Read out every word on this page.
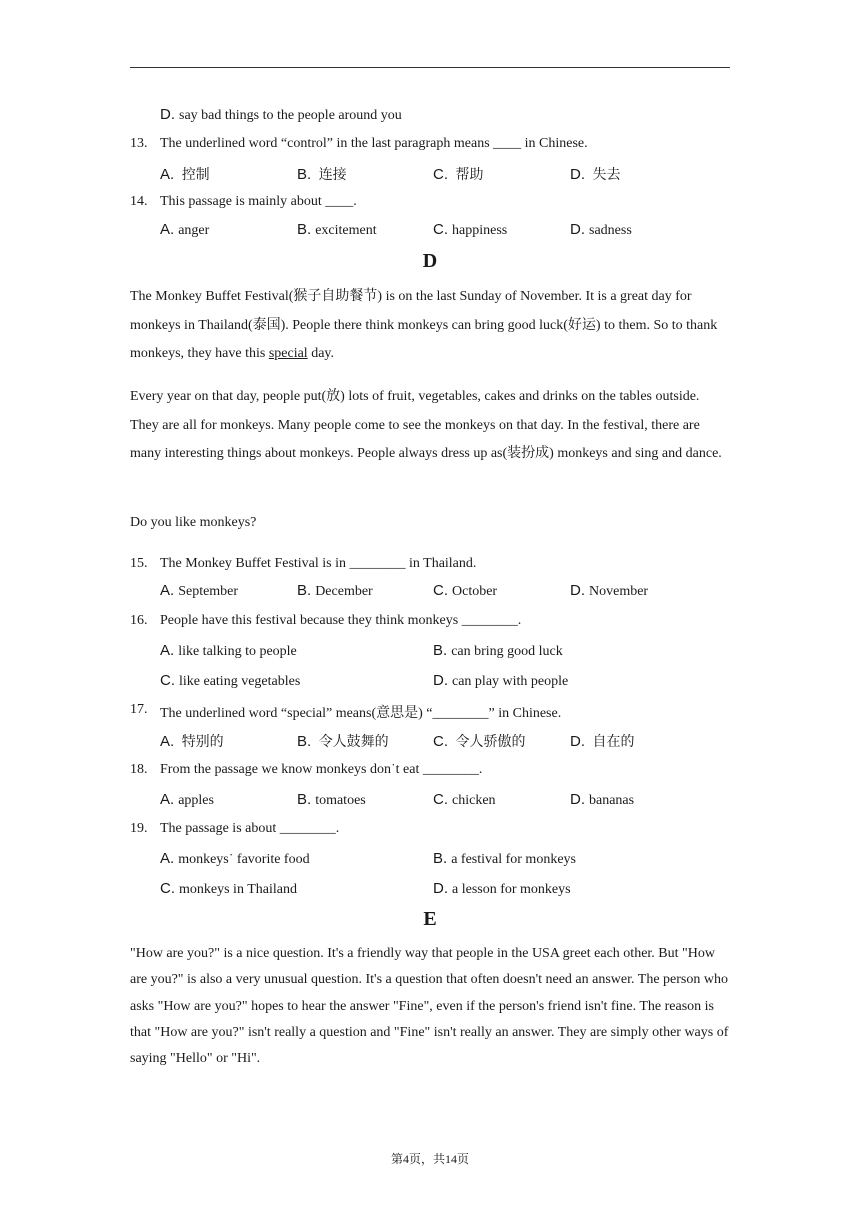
D. say bad things to the people around you
13. The underlined word “control” in the last paragraph means ____ in Chinese.
A. 控制	B. 连接	C. 帮助	D. 失去
14. This passage is mainly about ____.
A. anger	B. excitement	C. happiness	D. sadness
D

The Monkey Buffet Festival(猴子自助餐节) is on the last Sunday of November. It is a great day for monkeys in Thailand(泰国). People there think monkeys can bring good luck(好运) to them. So to thank monkeys, they have this special day.

Every year on that day, people put(放) lots of fruit, vegetables, cakes and drinks on the tables outside. They are all for monkeys. Many people come to see the monkeys on that day. In the festival, there are many interesting things about monkeys. People always dress up as(装扮成) monkeys and sing and dance.

Do you like monkeys?

15. The Monkey Buffet Festival is in ________ in Thailand.
A. September	B. December	C. October	D. November
16. People have this festival because they think monkeys ________.
A. like talking to people	B. can bring good luck
C. like eating vegetables	D. can play with people
17. The underlined word “special” means(意思是) “________” in Chinese.
A. 特别的	B. 令人鼓舞的	C. 令人骄傲的	D. 自在的
18. From the passage we know monkeys don˙t eat ________.
A. apples	B. tomatoes	C. chicken	D. bananas
19. The passage is about ________.
A. monkeys˙ favorite food	B. a festival for monkeys
C. monkeys in Thailand	D. a lesson for monkeys
E

"How are you?" is a nice question. It's a friendly way that people in the USA greet each other. But "How are you?" is also a very unusual question. It's a question that often doesn't need an answer. The person who asks "How are you?" hopes to hear the answer "Fine", even if the person's friend isn't fine. The reason is that "How are you?" isn't really a question and "Fine" isn't really an answer. They are simply other ways of saying "Hello" or "Hi".

第4页，共14页
